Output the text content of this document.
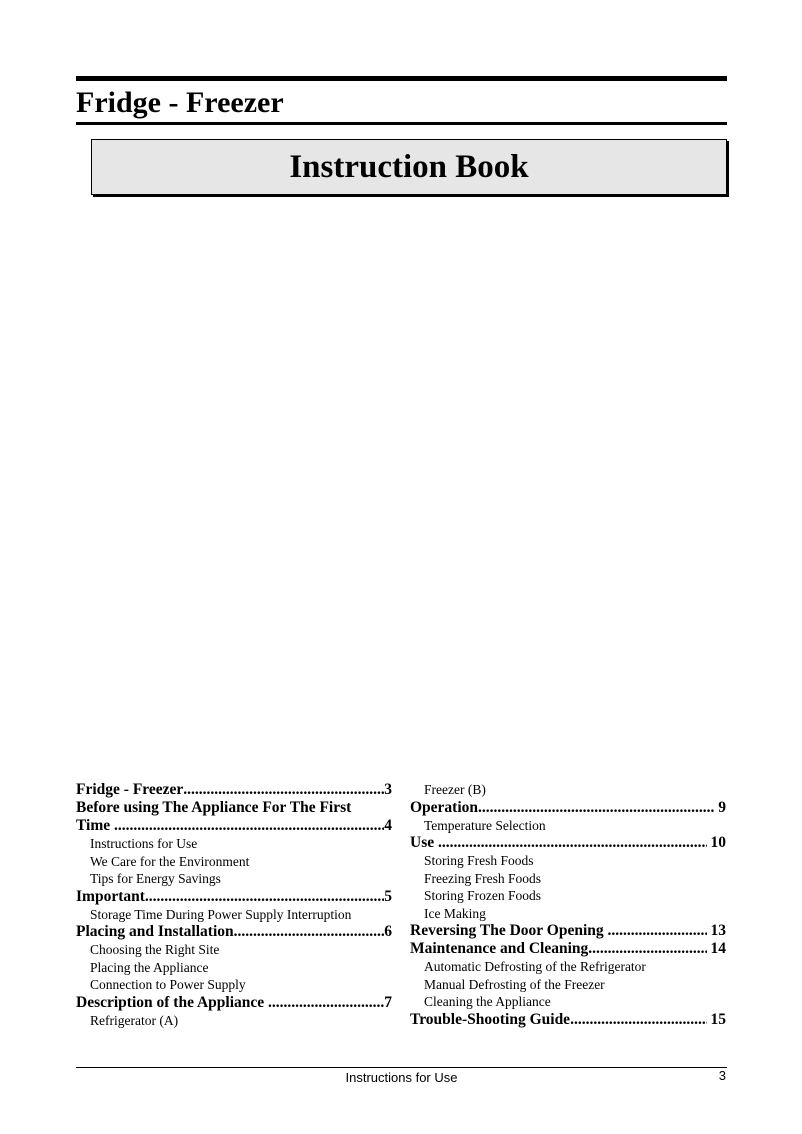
Fridge - Freezer
Instruction Book
Fridge - Freezer .....	3
Before using The Appliance For The First
Time .....	4
Instructions for Use
We Care for the Environment
Tips for Energy Savings
Important .....	5
Storage Time During Power Supply Interruption
Placing and Installation .....	6
Choosing the Right Site
Placing the Appliance
Connection to Power Supply
Description of the Appliance .....	7
Refrigerator (A)
Freezer (B)
Operation .....	9
Temperature Selection
Use .....	10
Storing Fresh Foods
Freezing Fresh Foods
Storing Frozen Foods
Ice Making
Reversing The Door Opening .....	13
Maintenance and Cleaning .....	14
Automatic Defrosting of the Refrigerator
Manual Defrosting of the Freezer
Cleaning the Appliance
Trouble-Shooting Guide .....	15
Instructions for Use	3
